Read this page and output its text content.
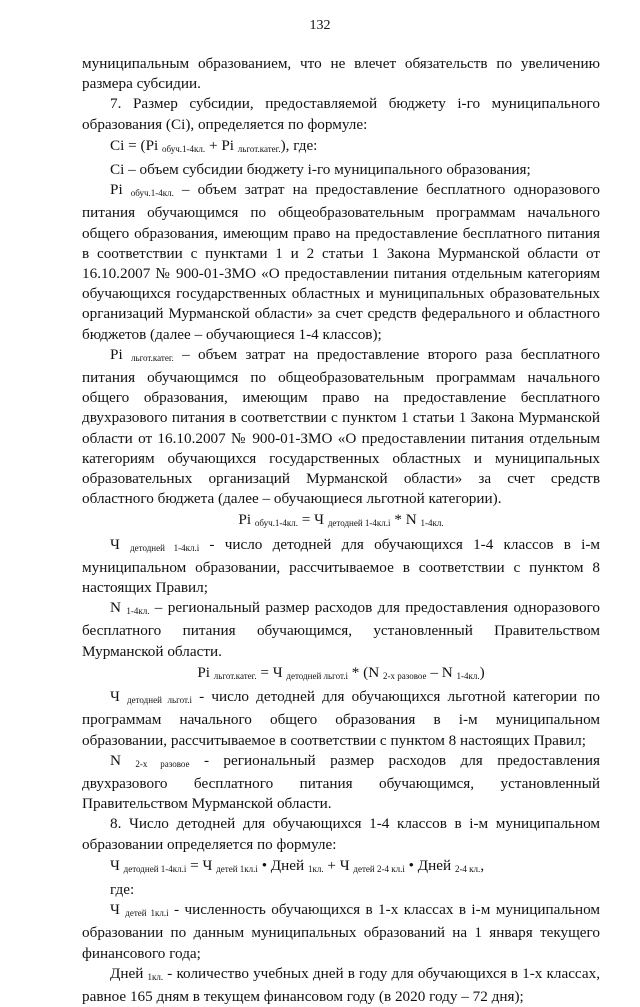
132

муниципальным образованием, что не влечет обязательств по увеличению размера субсидии.

7. Размер субсидии, предоставляемой бюджету i-го муниципального образования (Cі), определяется по формуле:

Cі = (Pі $_{обуч.1-4кл.}$ + Pі $_{льгот.катег.}$), где:

Cі – объем субсидии бюджету i-го муниципального образования;

Pі $_{обуч.1-4кл.}$ – объем затрат на предоставление бесплатного одноразового питания обучающимся по общеобразовательным программам начального общего образования, имеющим право на предоставление бесплатного питания в соответствии с пунктами 1 и 2 статьи 1 Закона Мурманской области от 16.10.2007 № 900-01-ЗМО «О предоставлении питания отдельным категориям обучающихся государственных областных и муниципальных образовательных организаций Мурманской области» за счет средств федерального и областного бюджетов (далее – обучающиеся 1-4 классов);

Pі $_{льгот.катег.}$ – объем затрат на предоставление второго раза бесплатного питания обучающимся по общеобразовательным программам начального общего образования, имеющим право на предоставление бесплатного двухразового питания в соответствии с пунктом 1 статьи 1 Закона Мурманской области от 16.10.2007 № 900-01-ЗМО «О предоставлении питания отдельным категориям обучающихся государственных областных и муниципальных образовательных организаций Мурманской области» за счет средств областного бюджета (далее – обучающиеся льготной категории).

Pі $_{обуч.1-4кл.}$ = Ч $_{детодней 1-4кл.і}$ * N $_{1-4кл.}$

Ч $_{детодней 1-4кл.і}$ - число детодней для обучающихся 1-4 классов в i-м муниципальном образовании, рассчитываемое в соответствии с пунктом 8 настоящих Правил;

N $_{1-4кл.}$ – региональный размер расходов для предоставления одноразового бесплатного питания обучающимся, установленный Правительством Мурманской области.

Pі $_{льгот.катег.}$ = Ч $_{детодней льгот.і}$ * (N $_{2-х разовое}$ – N $_{1-4кл.}$)

Ч $_{детодней льгот.і}$ - число детодней для обучающихся льготной категории по программам начального общего образования в i-м муниципальном образовании, рассчитываемое в соответствии с пунктом 8 настоящих Правил;

N $_{2-х разовое}$ - региональный размер расходов для предоставления двухразового бесплатного питания обучающимся, установленный Правительством Мурманской области.

8. Число детодней для обучающихся 1-4 классов в i-м муниципальном образовании определяется по формуле:

Ч $_{детодней 1-4кл.і}$ = Ч $_{детей 1кл.і}$ • Дней $_{1кл.}$ + Ч $_{детей 2-4 кл.і}$ • Дней $_{2-4 кл.}$,

где:

Ч $_{детей 1кл.і}$ - численность обучающихся в 1-х классах в i-м муниципальном образовании по данным муниципальных образований на 1 января текущего финансового года;

Дней $_{1кл.}$ - количество учебных дней в году для обучающихся в 1-х классах, равное 165 дням в текущем финансовом году (в 2020 году – 72 дня);
